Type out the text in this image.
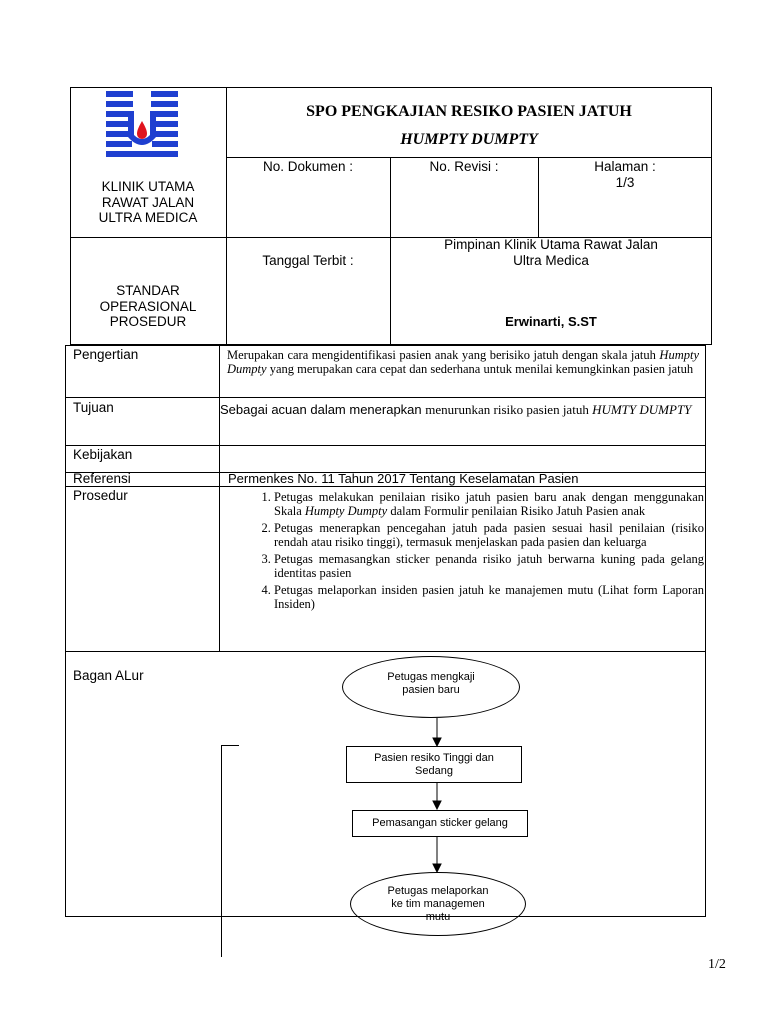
KLINIK UTAMA
RAWAT JALAN
ULTRA MEDICA
SPO PENGKAJIAN RESIKO PASIEN JATUH
HUMPTY DUMPTY
No. Dokumen :	No. Revisi :	Halaman :
1/3
STANDAR
OPERASIONAL
PROSEDUR
Tanggal Terbit :
Pimpinan Klinik Utama Rawat Jalan
Ultra Medica
Erwinarti, S.ST
Pengertian	Merupakan cara mengidentifikasi pasien anak yang berisiko jatuh dengan skala jatuh Humpty Dumpty yang merupakan cara cepat dan sederhana untuk menilai kemungkinkan pasien jatuh
Tujuan	Sebagai acuan dalam menerapkan menurunkan risiko pasien jatuh HUMTY DUMPTY
Kebijakan
Referensi	Permenkes No. 11 Tahun 2017 Tentang Keselamatan Pasien
Prosedur
1.	Petugas melakukan penilaian risiko jatuh pasien baru anak dengan menggunakan Skala Humpty Dumpty dalam Formulir penilaian Risiko Jatuh Pasien anak
2. Petugas menerapkan pencegahan jatuh pada pasien sesuai hasil penilaian (risiko rendah atau risiko tinggi), termasuk menjelaskan pada pasien dan keluarga
3. Petugas memasangkan sticker penanda risiko jatuh berwarna kuning pada gelang identitas pasien
4. Petugas melaporkan insiden pasien jatuh ke manajemen mutu (Lihat form Laporan Insiden)
Bagan ALur	Petugas mengkaji
pasien baru
Pasien resiko Tinggi dan
Sedang
Pemasangan sticker gelang
Petugas melaporkan
ke tim managemen
mutu
1/2
